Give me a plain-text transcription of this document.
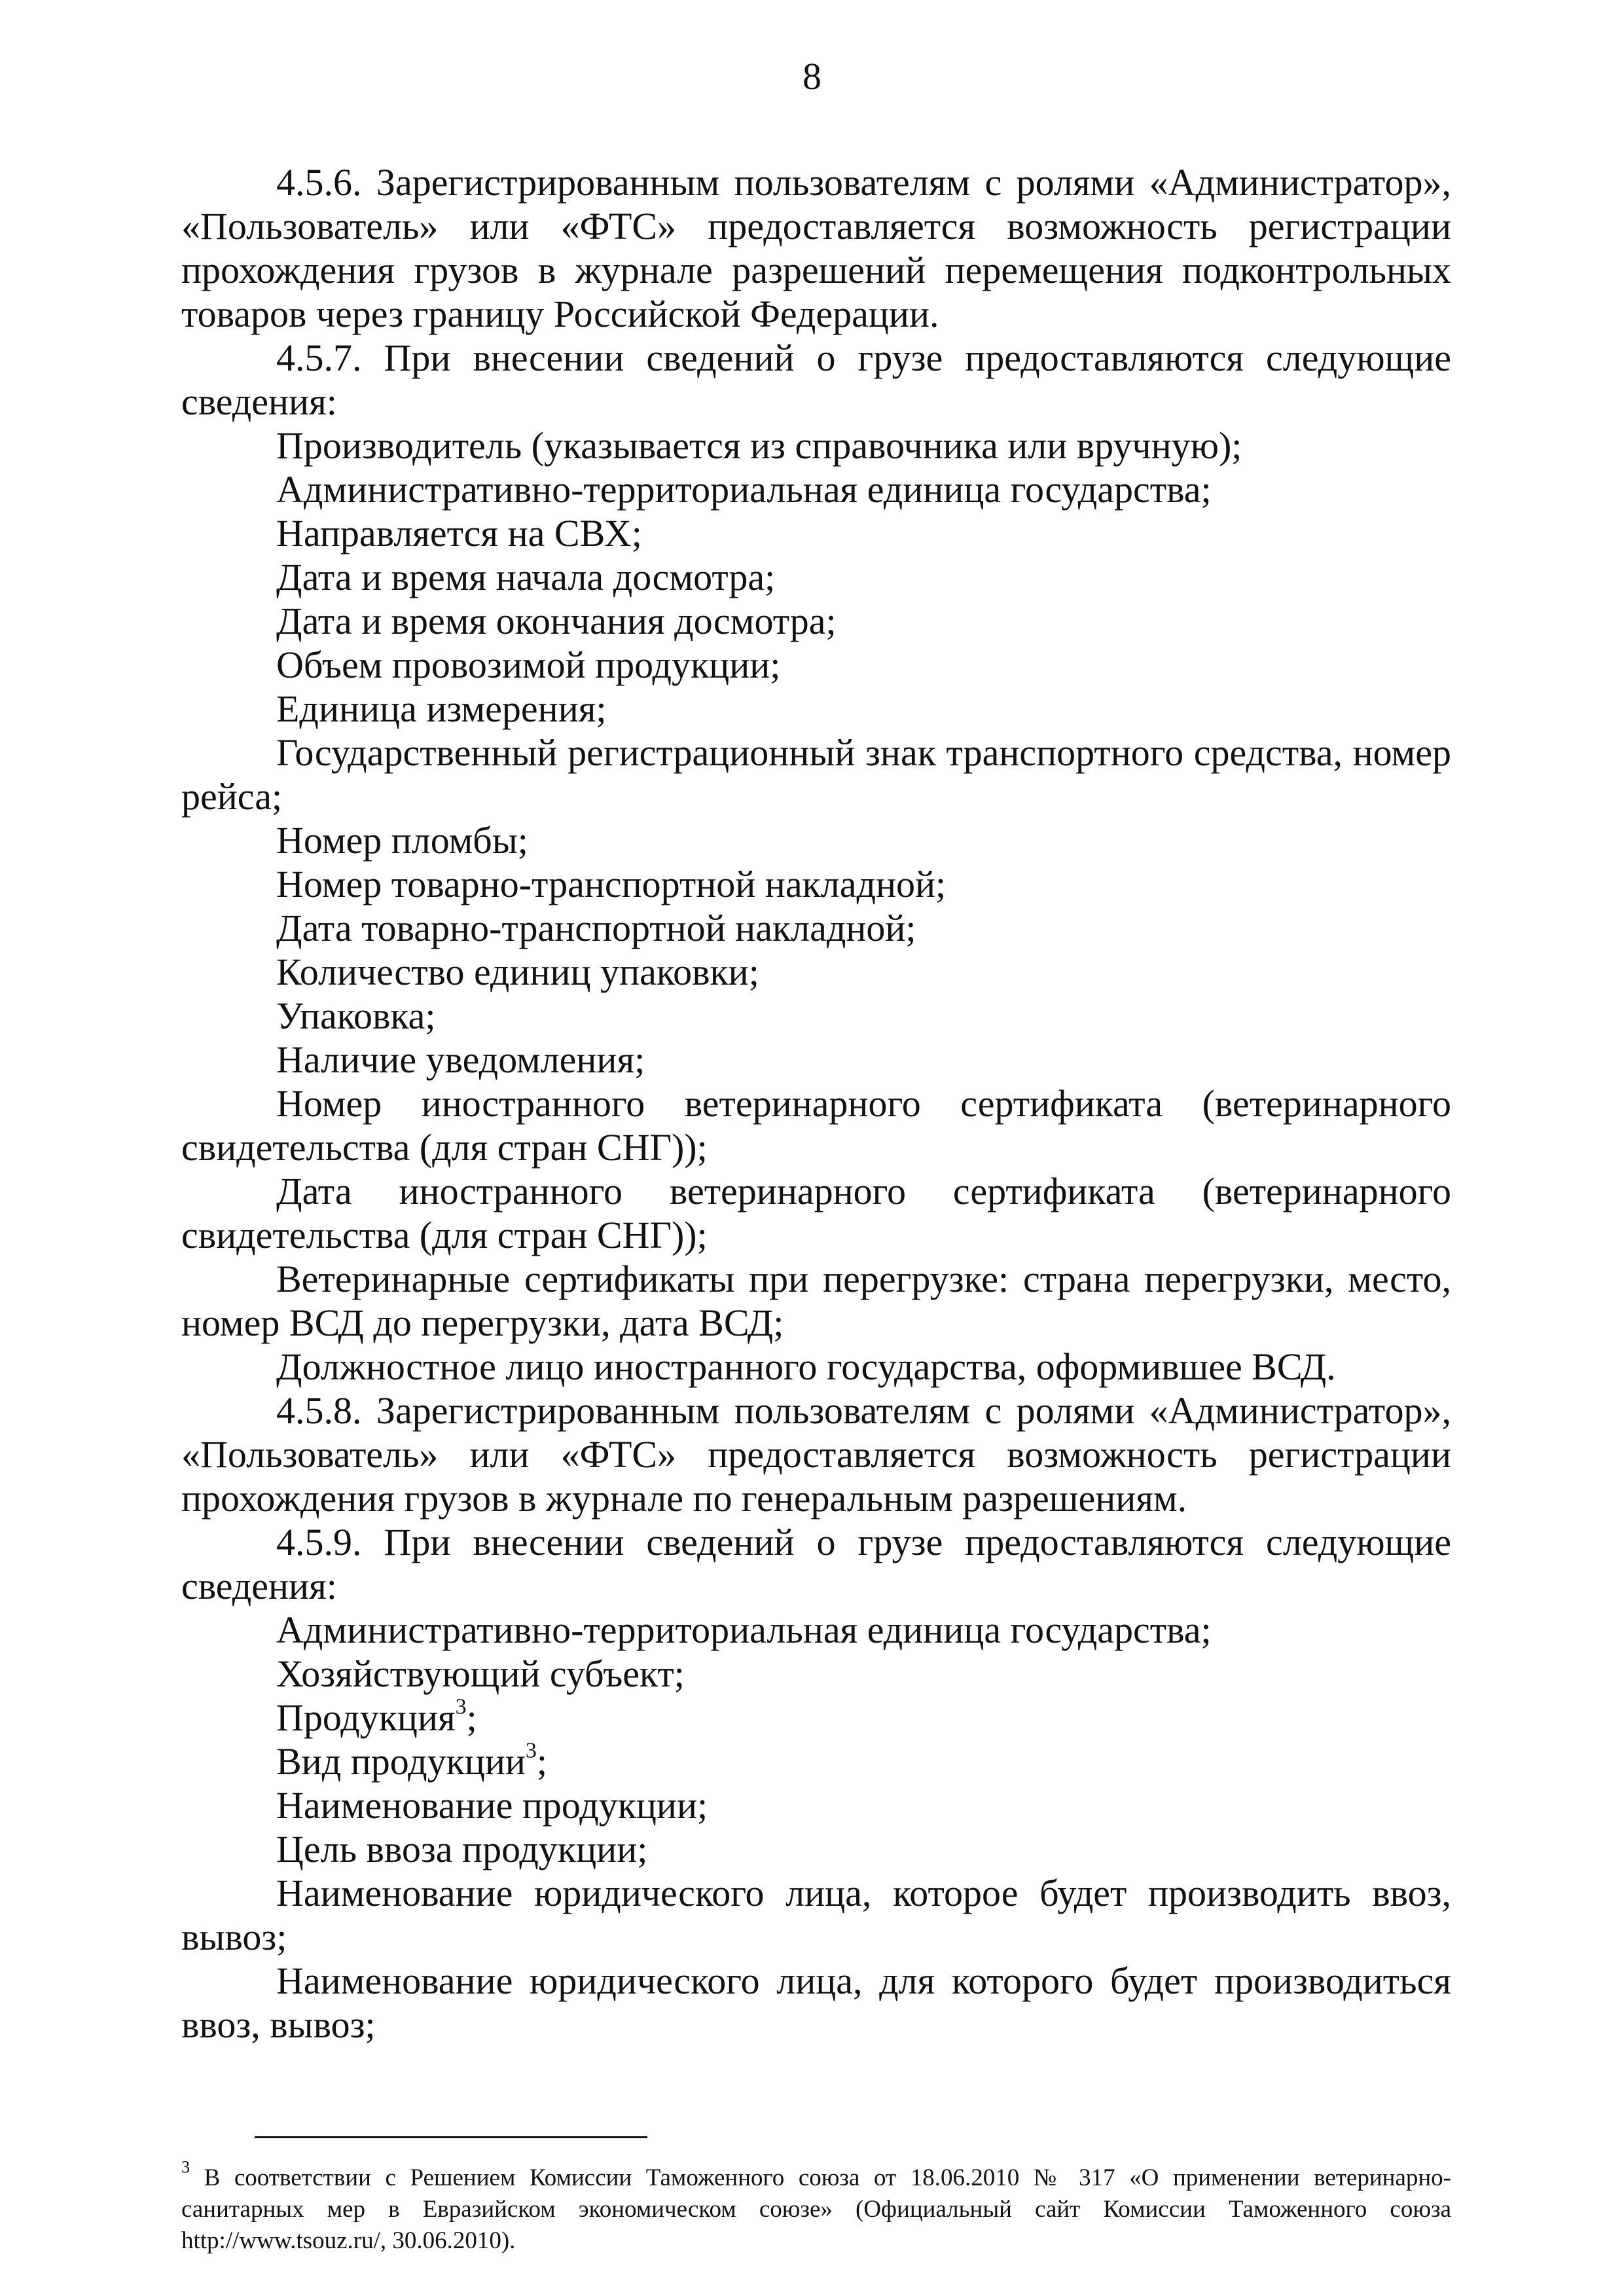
8

4.5.6. Зарегистрированным пользователям с ролями «Администратор», «Пользователь» или «ФТС» предоставляется возможность регистрации прохождения грузов в журнале разрешений перемещения подконтрольных товаров через границу Российской Федерации.

4.5.7. При внесении сведений о грузе предоставляются следующие сведения:

Производитель (указывается из справочника или вручную);

Административно-территориальная единица государства;

Направляется на СВХ;

Дата и время начала досмотра;

Дата и время окончания досмотра;

Объем провозимой продукции;

Единица измерения;

Государственный регистрационный знак транспортного средства, номер рейса;

Номер пломбы;

Номер товарно-транспортной накладной;

Дата товарно-транспортной накладной;

Количество единиц упаковки;

Упаковка;

Наличие уведомления;

Номер иностранного ветеринарного сертификата (ветеринарного свидетельства (для стран СНГ));

Дата иностранного ветеринарного сертификата (ветеринарного свидетельства (для стран СНГ));

Ветеринарные сертификаты при перегрузке: страна перегрузки, место, номер ВСД до перегрузки, дата ВСД;

Должностное лицо иностранного государства, оформившее ВСД.

4.5.8. Зарегистрированным пользователям с ролями «Администратор», «Пользователь» или «ФТС» предоставляется возможность регистрации прохождения грузов в журнале по генеральным разрешениям.

4.5.9. При внесении сведений о грузе предоставляются следующие сведения:

Административно-территориальная единица государства;

Хозяйствующий субъект;

Продукция$^3$;

Вид продукции$^3$;

Наименование продукции;

Цель ввоза продукции;

Наименование юридического лица, которое будет производить ввоз, вывоз;

Наименование юридического лица, для которого будет производиться ввоз, вывоз;

$^3$ В соответствии с Решением Комиссии Таможенного союза от 18.06.2010 № 317 «О применении ветеринарно-санитарных мер в Евразийском экономическом союзе» (Официальный сайт Комиссии Таможенного союза http://www.tsouz.ru/, 30.06.2010).
